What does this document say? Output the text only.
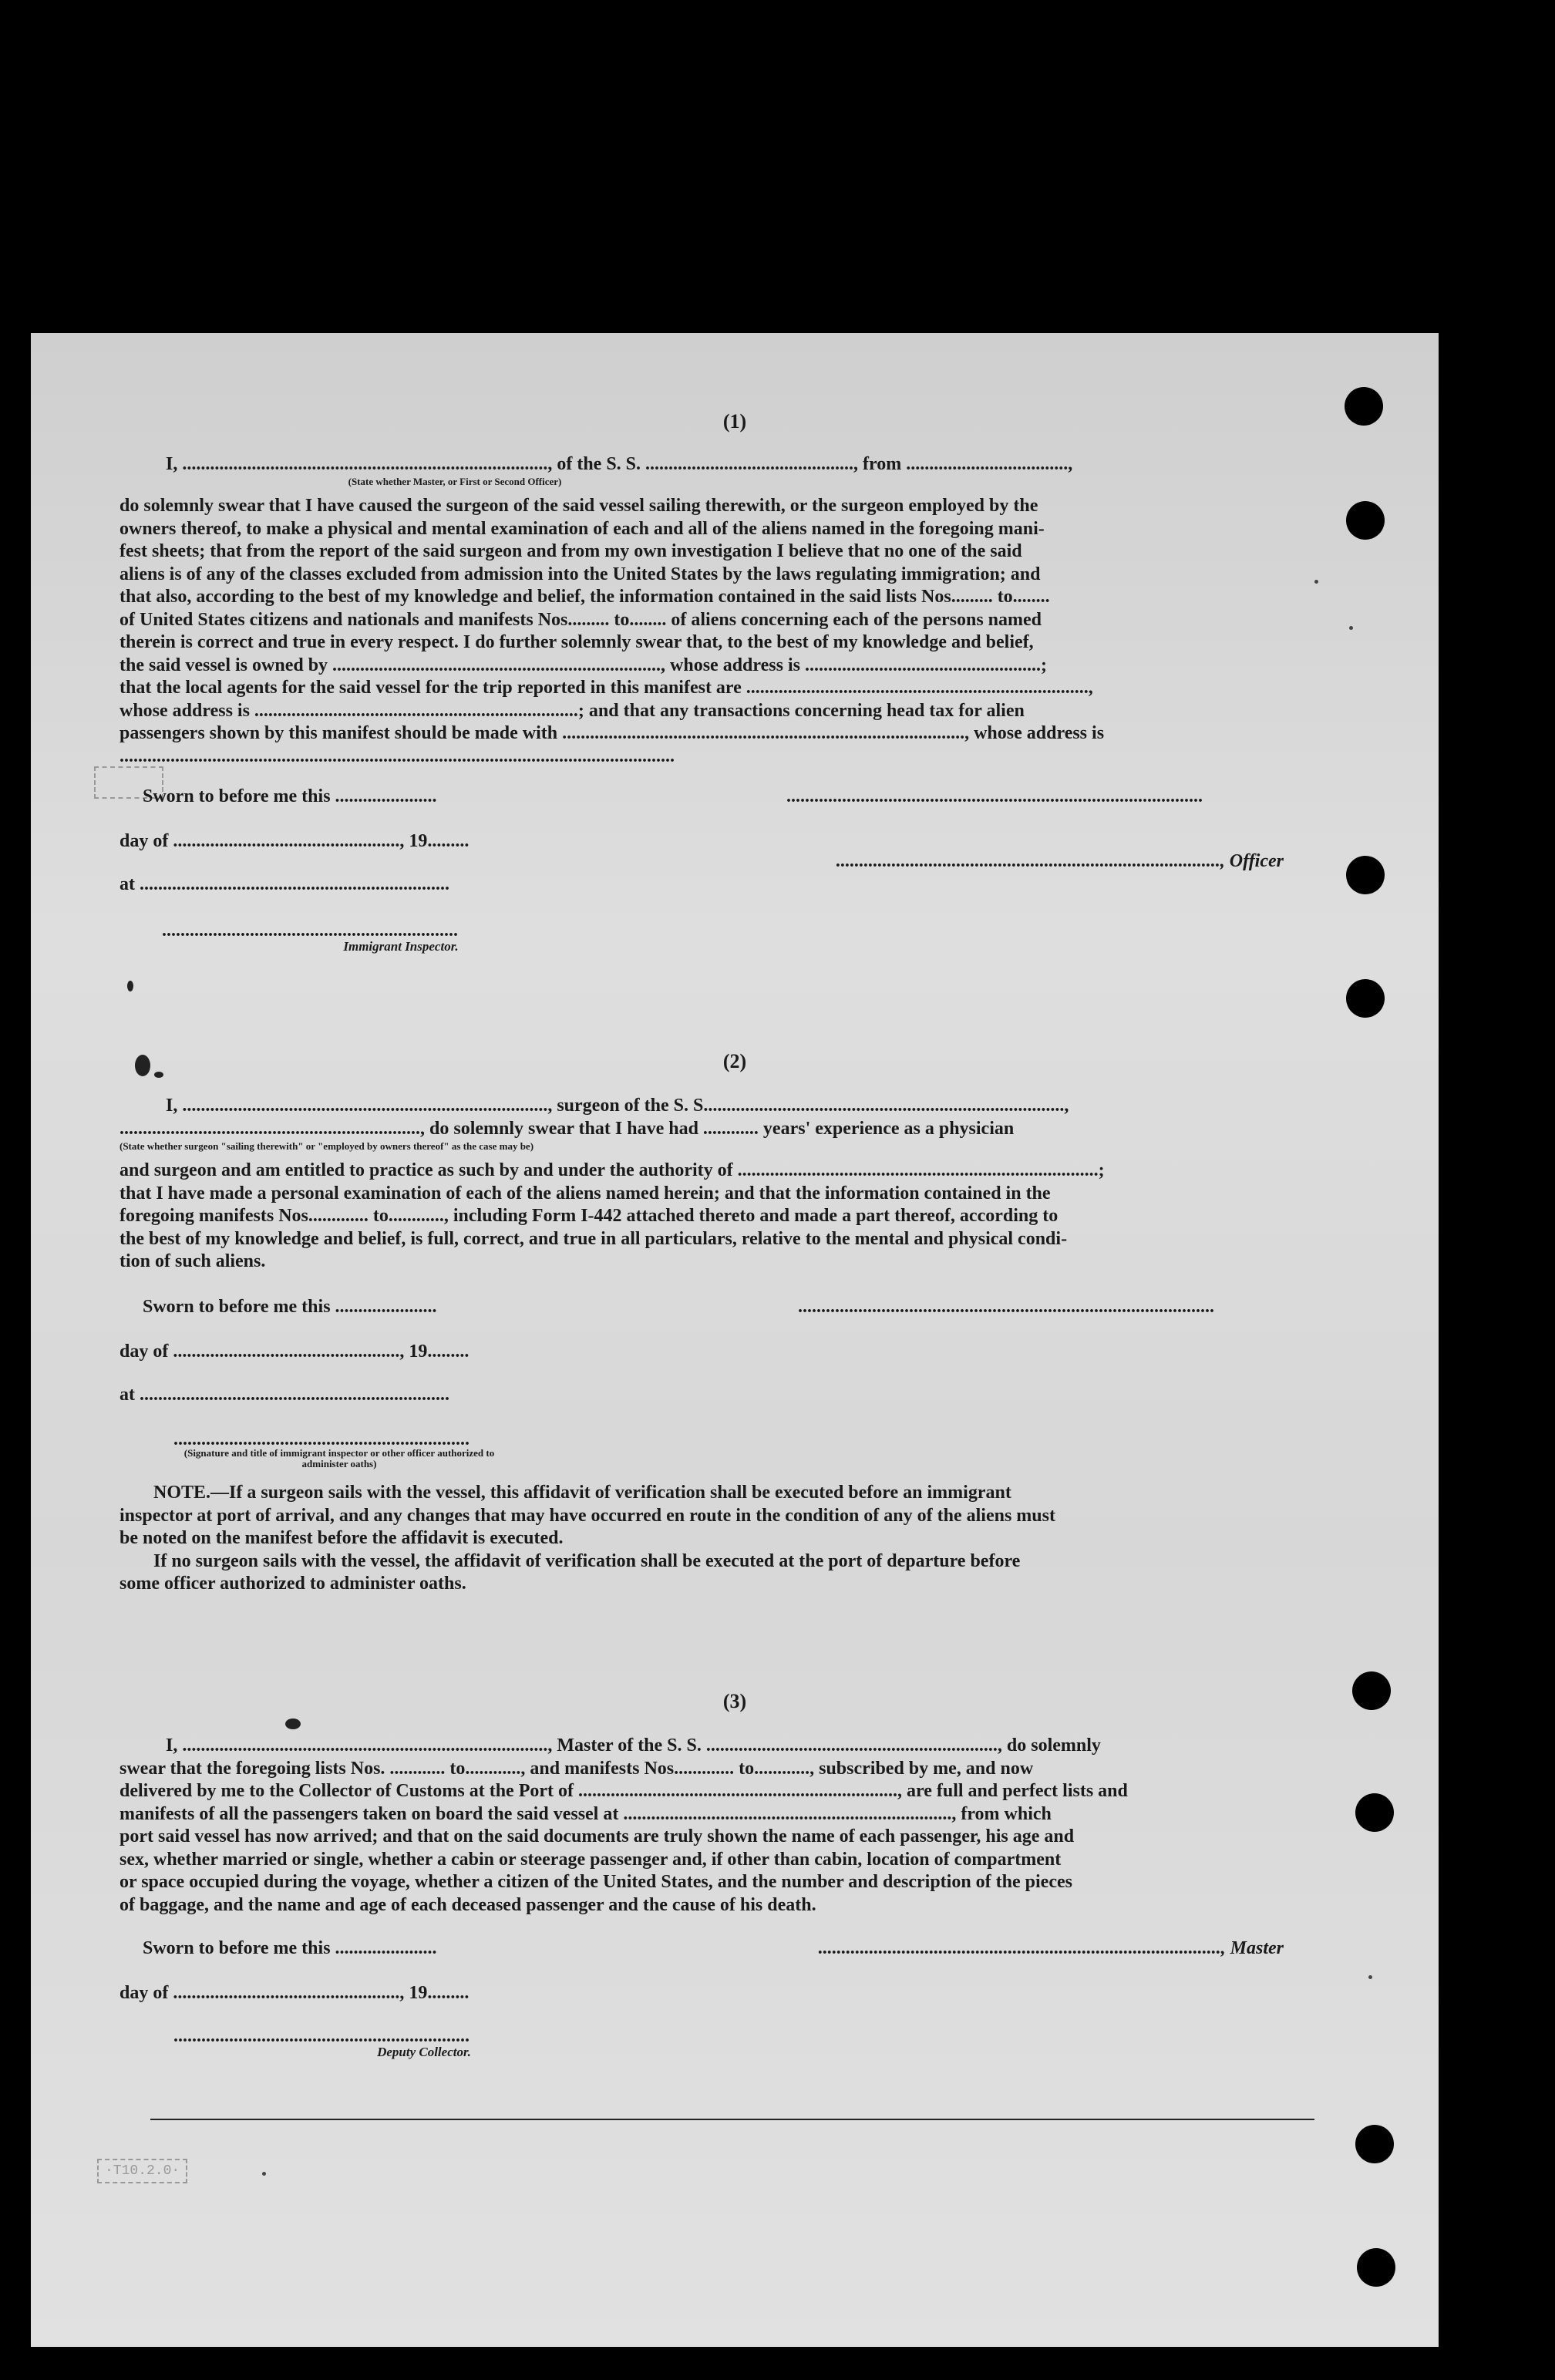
·T10.2.0·
(1)
I, ..............................................................................., of the S. S. ............................................., from ...................................,
(State whether Master, or First or Second Officer)
do solemnly swear that I have caused the surgeon of the said vessel sailing therewith, or the surgeon employed by the
owners thereof, to make a physical and mental examination of each and all of the aliens named in the foregoing mani-
fest sheets; that from the report of the said surgeon and from my own investigation I believe that no one of the said
aliens is of any of the classes excluded from admission into the United States by the laws regulating immigration; and
that also, according to the best of my knowledge and belief, the information contained in the said lists Nos......... to........
of United States citizens and nationals and manifests Nos......... to........ of aliens concerning each of the persons named
therein is correct and true in every respect. I do further solemnly swear that, to the best of my knowledge and belief,
the said vessel is owned by ......................................................................., whose address is ...................................................;
that the local agents for the said vessel for the trip reported in this manifest are ..........................................................................,
whose address is ......................................................................; and that any transactions concerning head tax for alien
passengers shown by this manifest should be made with ......................................................................................., whose address is
........................................................................................................................
Sworn to before me this ......................	..........................................................................................
day of ................................................., 19.........
..................................................................................., Officer
at ...................................................................
................................................................
Immigrant Inspector.
(2)
I, ..............................................................................., surgeon of the S. S..............................................................................,
................................................................., do solemnly swear that I have had ............ years' experience as a physician
(State whether surgeon "sailing therewith" or "employed by owners thereof" as the case may be)
and surgeon and am entitled to practice as such by and under the authority of ..............................................................................;
that I have made a personal examination of each of the aliens named herein; and that the information contained in the
foregoing manifests Nos............. to............, including Form I-442 attached thereto and made a part thereof, according to
the best of my knowledge and belief, is full, correct, and true in all particulars, relative to the mental and physical condi-
tion of such aliens.
Sworn to before me this ......................	..........................................................................................
day of ................................................., 19.........
at ...................................................................
................................................................
(Signature and title of immigrant inspector or other officer authorized to administer oaths)
NOTE.—If a surgeon sails with the vessel, this affidavit of verification shall be executed before an immigrant
inspector at port of arrival, and any changes that may have occurred en route in the condition of any of the aliens must
be noted on the manifest before the affidavit is executed.
If no surgeon sails with the vessel, the affidavit of verification shall be executed at the port of departure before
some officer authorized to administer oaths.
(3)
I, ..............................................................................., Master of the S. S. ..............................................................., do solemnly
swear that the foregoing lists Nos. ............ to............, and manifests Nos............. to............, subscribed by me, and now
delivered by me to the Collector of Customs at the Port of ....................................................................., are full and perfect lists and
manifests of all the passengers taken on board the said vessel at ......................................................................., from which
port said vessel has now arrived; and that on the said documents are truly shown the name of each passenger, his age and
sex, whether married or single, whether a cabin or steerage passenger and, if other than cabin, location of compartment
or space occupied during the voyage, whether a citizen of the United States, and the number and description of the pieces
of baggage, and the name and age of each deceased passenger and the cause of his death.
Sworn to before me this ......................	......................................................................................., Master
day of ................................................., 19.........
................................................................
Deputy Collector.
